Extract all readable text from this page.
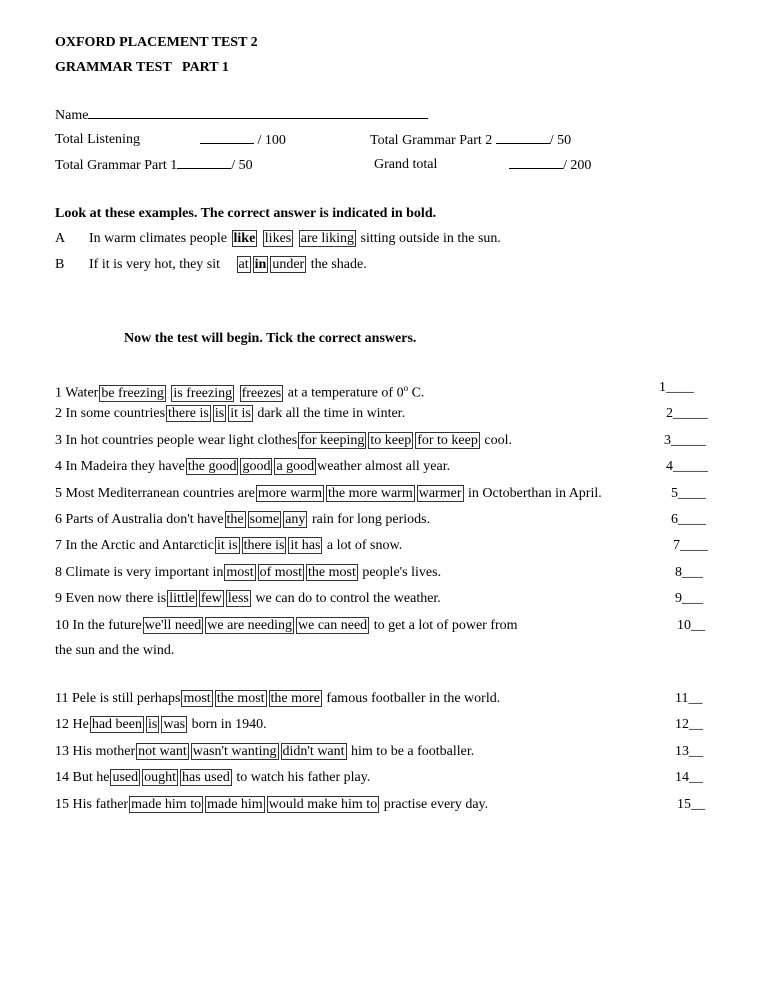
OXFORD PLACEMENT TEST 2
GRAMMAR TEST   PART 1
Name
Total Listening	/ 100	Total Grammar Part 2	/ 50
Total Grammar Part 1	/ 50	Grand total	/ 200
Look at these examples. The correct answer is indicated in bold.
A In warm climates people like likes are liking sitting outside in the sun.
B If it is very hot, they sit at in under the shade.
Now the test will begin. Tick the correct answers.
1 Water be freezing is freezing freezes at a temperature of 0$^o$ C.	1____
2 In some countries there is is it is dark all the time in winter.	2_____
3 In hot countries people wear light clothes for keeping to keep for to keep cool.	3_____
4 In Madeira they have the good good a good weather almost all year.	4_____
5 Most Mediterranean countries are more warm the more warm warmer in Octoberthan in April.	5____
6 Parts of Australia don't have the some any rain for long periods.	6____
7 In the Arctic and Antarctic it is there is it has a lot of snow.	7____
8 Climate is very important in most of most the most people's lives.	8___
9 Even now there is little few less we can do to control the weather.	9___
10 In the future we'll need we are needing we can need to get a lot of power from	10__
the sun and the wind.
11 Pele is still perhaps most the most the more famous footballer in the world.	11__
12 He had been is was born in 1940.	12__
13 His mother not want wasn't wanting didn't want him to be a footballer.	13__
14 But he used ought has used to watch his father play.	14__
15 His father made him to made him would make him to practise every day.	15__
